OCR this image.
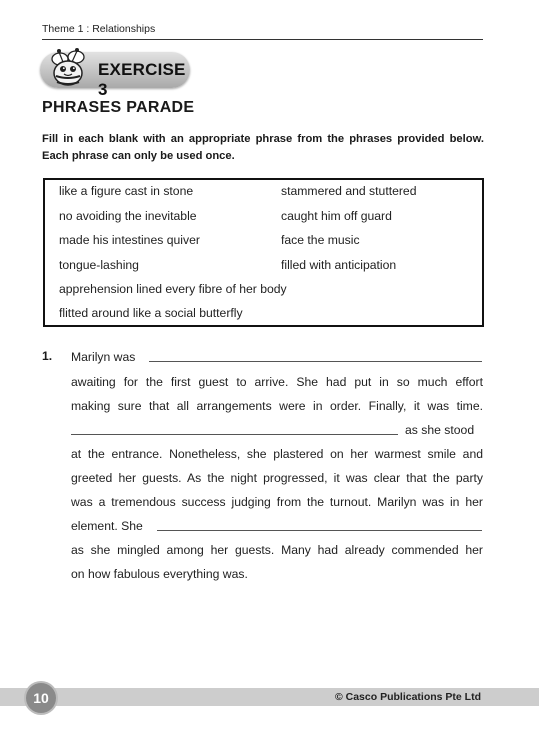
Theme 1 : Relationships
EXERCISE 3
PHRASES PARADE
Fill in each blank with an appropriate phrase from the phrases provided below. Each phrase can only be used once.
like a figure cast in stone
no avoiding the inevitable
made his intestines quiver
tongue-lashing
apprehension lined every fibre of her body
flitted around like a social butterfly
stammered and stuttered
caught him off guard
face the music
filled with anticipation
1. Marilyn was
awaiting for the first guest to arrive. She had put in so much effort
making sure that all arrangements were in order. Finally, it was time.
as she stood
at the entrance. Nonetheless, she plastered on her warmest smile and
greeted her guests. As the night progressed, it was clear that the party
was a tremendous success judging from the turnout. Marilyn was in her
element. She
as she mingled among her guests. Many had already commended her
on how fabulous everything was.
10	© Casco Publications Pte Ltd
